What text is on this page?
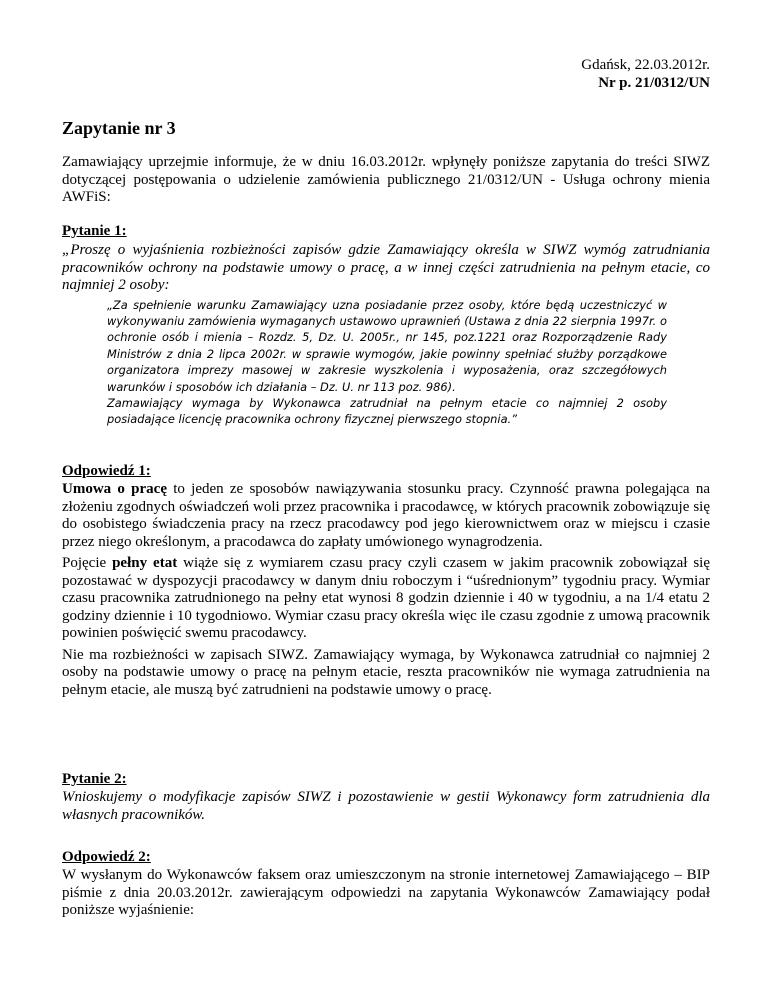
Gdańsk, 22.03.2012r.
Nr p. 21/0312/UN
Zapytanie nr 3

Zamawiający uprzejmie informuje, że w dniu 16.03.2012r. wpłynęły poniższe zapytania do treści SIWZ dotyczącej postępowania o udzielenie zamówienia publicznego 21/0312/UN - Usługa ochrony mienia AWFiS:

Pytanie 1:

„Proszę o wyjaśnienia rozbieżności zapisów gdzie Zamawiający określa w SIWZ wymóg zatrudniania pracowników ochrony na podstawie umowy o pracę, a w innej części zatrudnienia na pełnym etacie, co najmniej 2 osoby:

„Za spełnienie warunku Zamawiający uzna posiadanie przez osoby, które będą uczestniczyć w wykonywaniu zamówienia wymaganych ustawowo uprawnień (Ustawa z dnia 22 sierpnia 1997r. o ochronie osób i mienia – Rozdz. 5, Dz. U. 2005r., nr 145, poz.1221 oraz Rozporządzenie Rady Ministrów z dnia 2 lipca 2002r. w sprawie wymogów, jakie powinny spełniać służby porządkowe organizatora imprezy masowej w zakresie wyszkolenia i wyposażenia, oraz szczegółowych warunków i sposobów ich działania – Dz. U. nr 113 poz. 986).

Zamawiający wymaga by Wykonawca zatrudniał na pełnym etacie co najmniej 2 osoby posiadające licencję pracownika ochrony fizycznej pierwszego stopnia.”

Odpowiedź 1:

Umowa o pracę to jeden ze sposobów nawiązywania stosunku pracy. Czynność prawna polegająca na złożeniu zgodnych oświadczeń woli przez pracownika i pracodawcę, w których pracownik zobowiązuje się do osobistego świadczenia pracy na rzecz pracodawcy pod jego kierownictwem oraz w miejscu i czasie przez niego określonym, a pracodawca do zapłaty umówionego wynagrodzenia.

Pojęcie pełny etat wiąże się z wymiarem czasu pracy czyli czasem w jakim pracownik zobowiązał się pozostawać w dyspozycji pracodawcy w danym dniu roboczym i “uśrednionym” tygodniu pracy. Wymiar czasu pracownika zatrudnionego na pełny etat wynosi 8 godzin dziennie i 40 w tygodniu, a na 1/4 etatu 2 godziny dziennie i 10 tygodniowo. Wymiar czasu pracy określa więc ile czasu zgodnie z umową pracownik powinien poświęcić swemu pracodawcy.

Nie ma rozbieżności w zapisach SIWZ. Zamawiający wymaga, by Wykonawca zatrudniał co najmniej 2 osoby na podstawie umowy o pracę na pełnym etacie, reszta pracowników nie wymaga zatrudnienia na pełnym etacie, ale muszą być zatrudnieni na podstawie umowy o pracę.

Pytanie 2:

Wnioskujemy o modyfikacje zapisów SIWZ i pozostawienie w gestii Wykonawcy form zatrudnienia dla własnych pracowników.

Odpowiedź 2:

W wysłanym do Wykonawców faksem oraz umieszczonym na stronie internetowej Zamawiającego – BIP piśmie z dnia 20.03.2012r. zawierającym odpowiedzi na zapytania Wykonawców Zamawiający podał poniższe wyjaśnienie:
